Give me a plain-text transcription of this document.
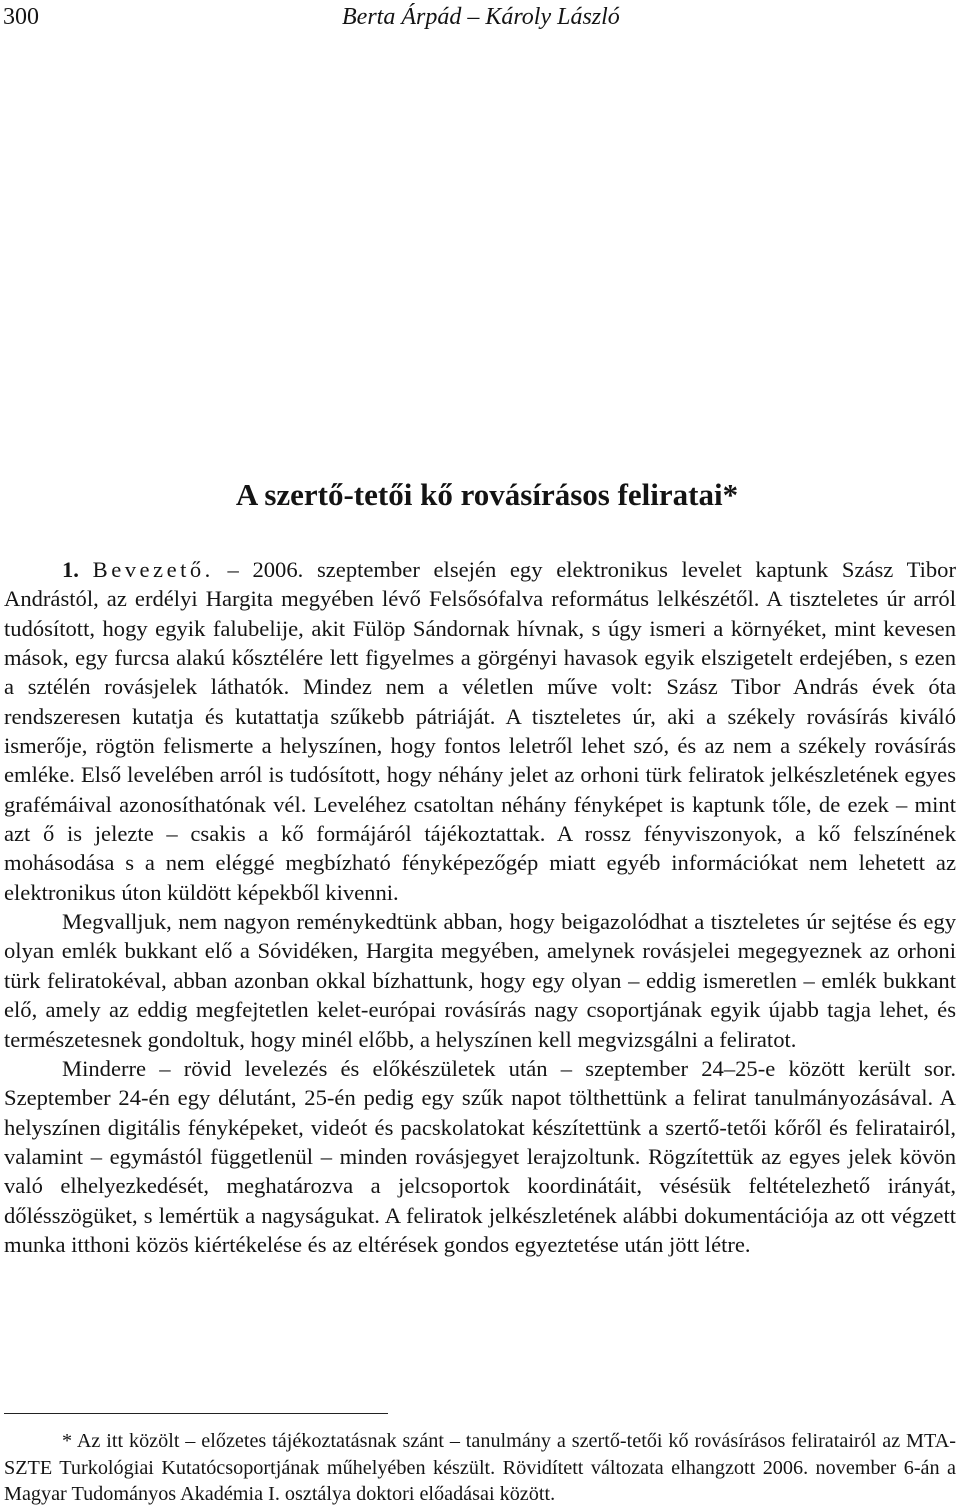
300	Berta Árpád – Károly László
A szertő-tetői kő rovásírásos feliratai*

1. Bevezető. – 2006. szeptember elsején egy elektronikus levelet kaptunk Szász Tibor Andrástól, az erdélyi Hargita megyében lévő Felsősófalva református lelkészétől. A tiszteletes úr arról tudósított, hogy egyik falubelije, akit Fülöp Sándornak hívnak, s úgy ismeri a környéket, mint kevesen mások, egy furcsa alakú kősztélére lett figyelmes a görgényi havasok egyik elszigetelt erdejében, s ezen a sztélén rovásjelek láthatók. Mindez nem a véletlen műve volt: Szász Tibor András évek óta rendszeresen kutatja és kutattatja szűkebb pátriáját. A tiszteletes úr, aki a székely rovásírás kiváló ismerője, rögtön felismerte a helyszínen, hogy fontos leletről lehet szó, és az nem a székely rovásírás emléke. Első levelében arról is tudósított, hogy néhány jelet az orhoni türk feliratok jelkészletének egyes grafémáival azonosíthatónak vél. Leveléhez csatoltan néhány fényképet is kaptunk tőle, de ezek – mint azt ő is jelezte – csakis a kő formájáról tájékoztattak. A rossz fényviszonyok, a kő felszínének mohásodása s a nem eléggé megbízható fényképezőgép miatt egyéb információkat nem lehetett az elektronikus úton küldött képekből kivenni.

Megvalljuk, nem nagyon reménykedtünk abban, hogy beigazolódhat a tiszteletes úr sejtése és egy olyan emlék bukkant elő a Sóvidéken, Hargita megyében, amelynek rovásjelei megegyeznek az orhoni türk feliratokéval, abban azonban okkal bízhattunk, hogy egy olyan – eddig ismeretlen – emlék bukkant elő, amely az eddig megfejtetlen kelet-európai rovásírás nagy csoportjának egyik újabb tagja lehet, és természetesnek gondoltuk, hogy minél előbb, a helyszínen kell megvizsgálni a feliratot.

Minderre – rövid levelezés és előkészületek után – szeptember 24–25-e között került sor. Szeptember 24-én egy délutánt, 25-én pedig egy szűk napot tölthettünk a felirat tanulmányozásával. A helyszínen digitális fényképeket, videót és pacskolatokat készítettünk a szertő-tetői kőről és feliratairól, valamint – egymástól függetlenül – minden rovásjegyet lerajzoltunk. Rögzítettük az egyes jelek kövön való elhelyezkedését, meghatározva a jelcsoportok koordinátáit, vésésük feltételezhető irányát, dőlésszögüket, s lemértük a nagyságukat. A feliratok jelkészletének alábbi dokumentációja az ott végzett munka itthoni közös kiértékelése és az eltérések gondos egyeztetése után jött létre.

* Az itt közölt – előzetes tájékoztatásnak szánt – tanulmány a szertő-tetői kő rovásírásos feliratairól az MTA-SZTE Turkológiai Kutatócsoportjának műhelyében készült. Rövidített változata elhangzott 2006. november 6-án a Magyar Tudományos Akadémia I. osztálya doktori előadásai között.
